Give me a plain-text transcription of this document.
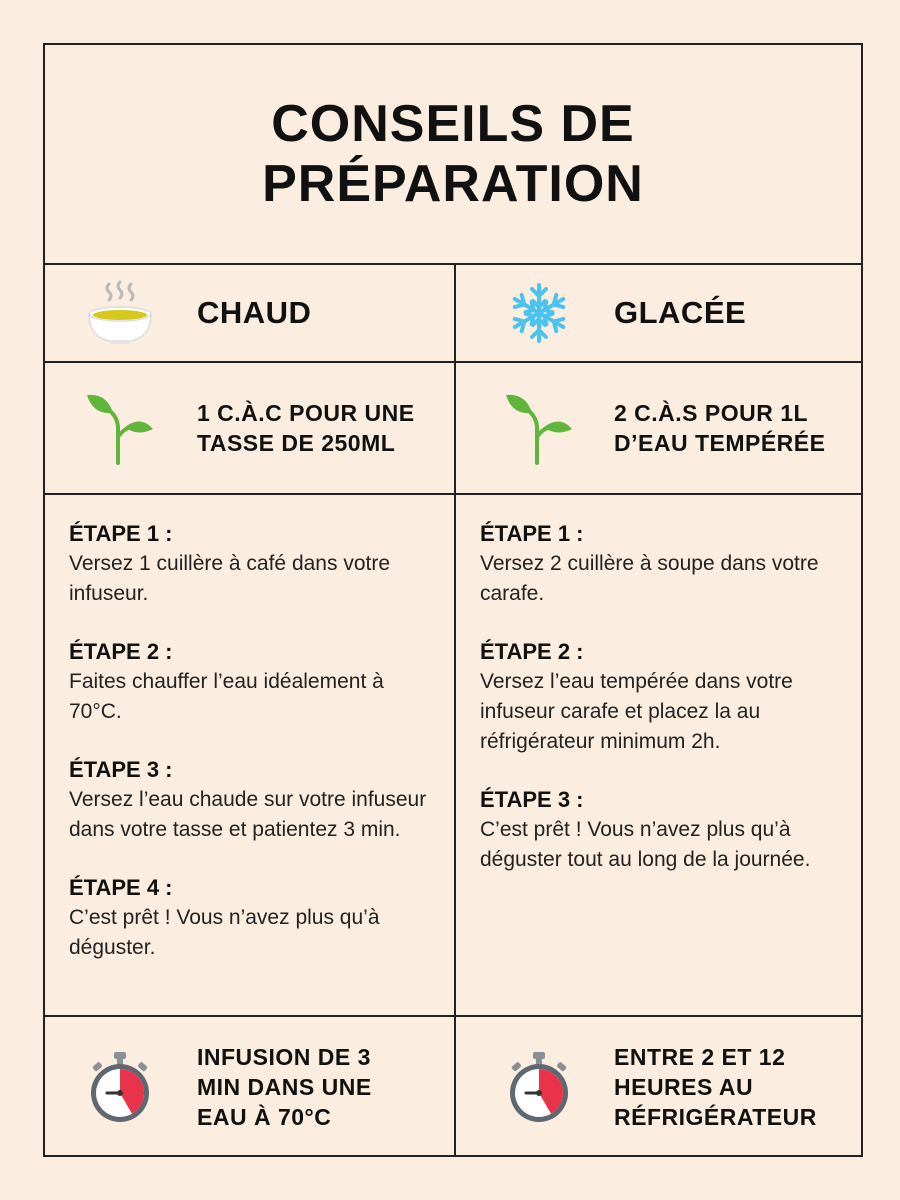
CONSEILS DE
PRÉPARATION
CHAUD	GLACÉE
1 C.À.C POUR UNE TASSE DE 250ML
2 C.À.S POUR 1L D’EAU TEMPÉRÉE
ÉTAPE 1 :
Versez 1 cuillère à café dans votre infuseur.
ÉTAPE 2 :
Faites chauffer l’eau idéalement à 70°C.
ÉTAPE 3 :
Versez l’eau chaude sur votre infuseur dans votre tasse et patientez 3 min.
ÉTAPE 4 :
C’est prêt ! Vous n’avez plus qu’à déguster.
ÉTAPE 1 :
Versez 2 cuillère à soupe dans votre carafe.
ÉTAPE 2 :
Versez l’eau tempérée dans votre infuseur carafe et placez la au réfrigérateur minimum 2h.
ÉTAPE 3 :
C’est prêt ! Vous n’avez plus qu’à déguster tout au long de la journée.
INFUSION DE 3 MIN DANS UNE EAU À 70°C
ENTRE 2 ET 12 HEURES AU RÉFRIGÉRATEUR
